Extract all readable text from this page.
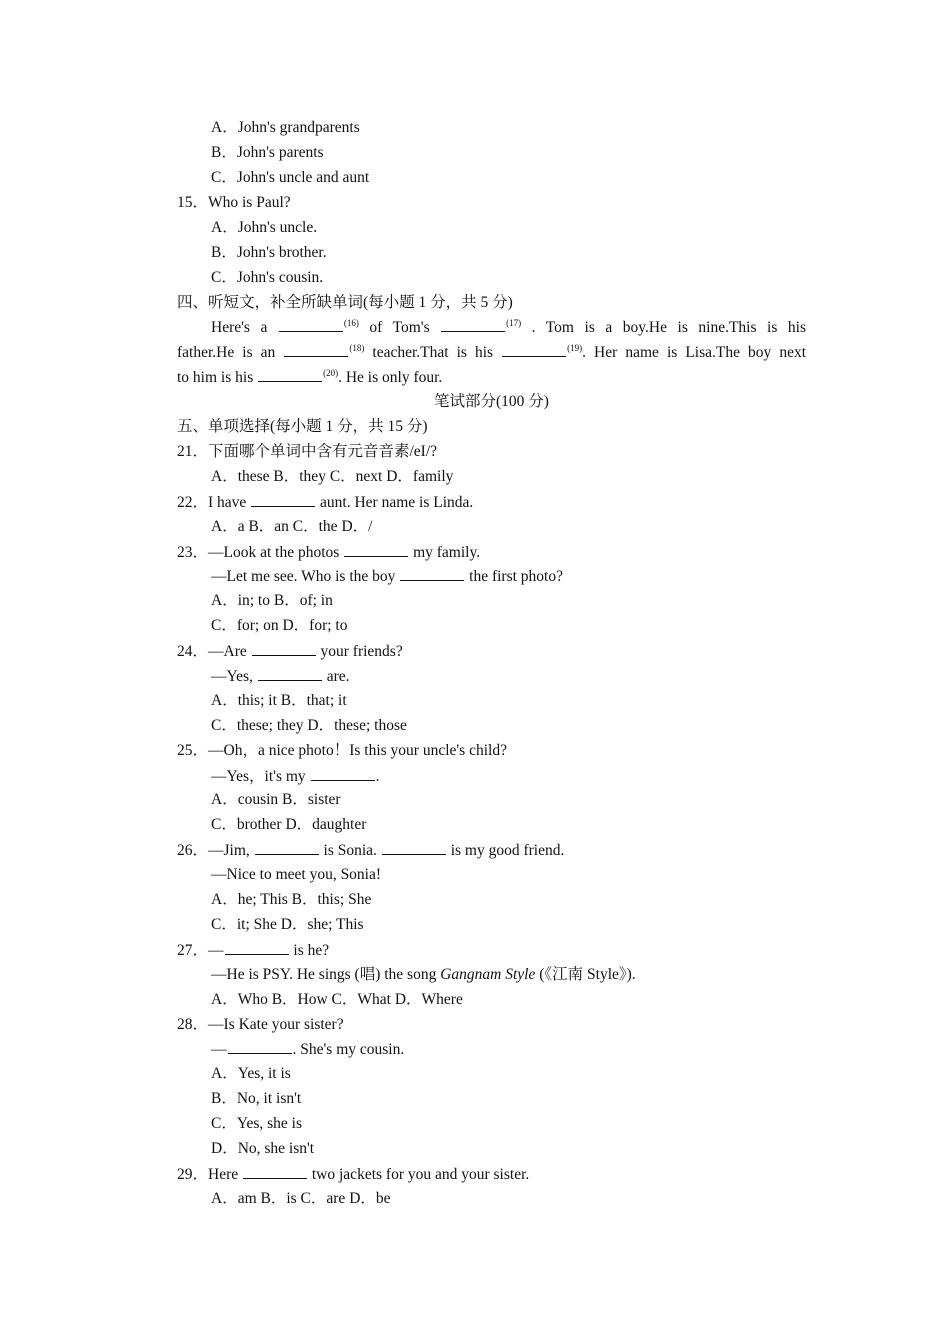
A．John's grandparents
B．John's parents
C．John's uncle and aunt
15．Who is Paul?
A．John's uncle.
B．John's brother.
C．John's cousin.
四、听短文，补全所缺单词(每小题 1 分，共 5 分)
Here's a	$^{(16)}$ of Tom's	$^{(17)}$ . Tom is a boy.He is nine.This is his
father.He is an	$^{(18)}$ teacher.That is his	$^{(19)}$. Her name is Lisa.The boy next
to him is his	$^{(20)}$. He is only four.
笔试部分(100 分)
五、单项选择(每小题 1 分，共 15 分)
21．下面哪个单词中含有元音音素/eI/?
A．these B．they C．next D．family
22．I have	aunt. Her name is Linda.
A．a B．an C．the D．/
23．—Look at the photos	my family.
—Let me see. Who is the boy	the first photo?
A．in; to B．of; in
C．for; on D．for; to
24．—Are	your friends?
—Yes,	are.
A．this; it B．that; it
C．these; they D．these; those
25．—Oh，a nice photo！Is this your uncle's child?
—Yes，it's my	.
A．cousin B．sister
C．brother D．daughter
26．—Jim,	is Sonia.	is my good friend.
—Nice to meet you, Sonia!
A．he; This B．this; She
C．it; She D．she; This
27．—	is he?
—He is PSY. He sings (唱) the song Gangnam Style (《江南 Style》).
A．Who B．How C．What D．Where
28．—Is Kate your sister?
—	. She's my cousin.
A．Yes, it is
B．No, it isn't
C．Yes, she is
D．No, she isn't
29．Here	two jackets for you and your sister.
A．am B．is C．are D．be
